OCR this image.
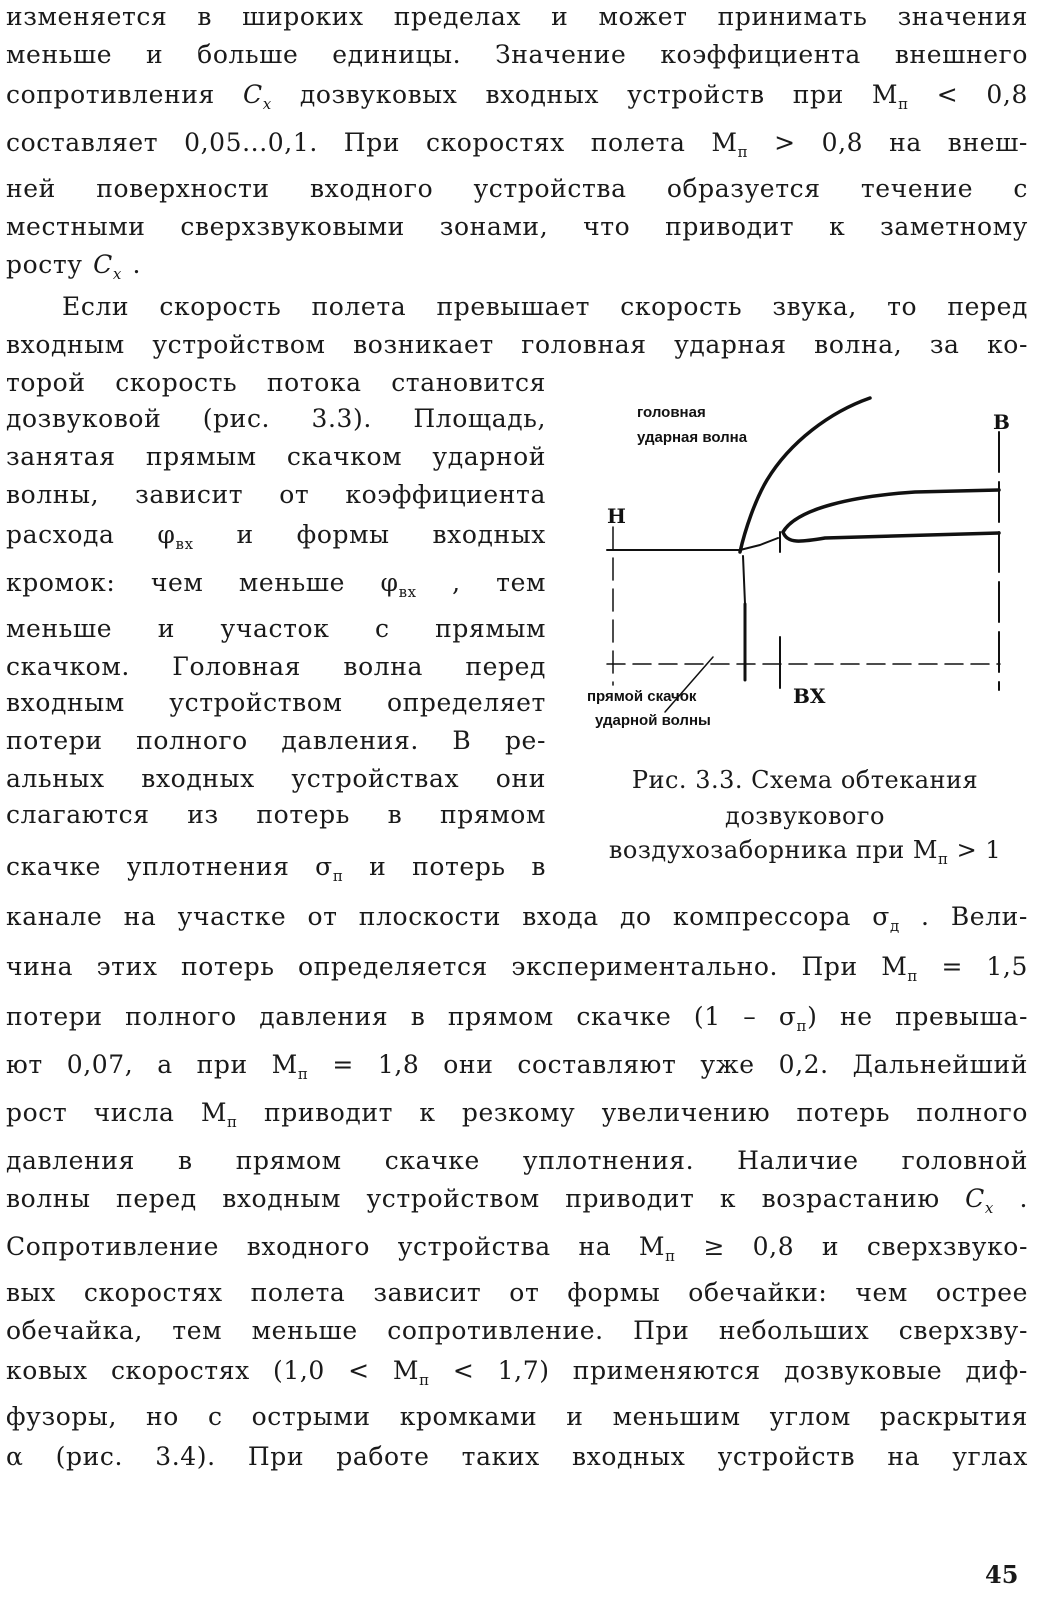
изменяется в широких пределах и может принимать значения
меньше и больше единицы. Значение коэффициента внешнего
сопротивления $C_x$ дозвуковых входных устройств при $М_п < 0,8$
составляет 0,05...0,1. При скоростях полета $М_п > 0,8$ на внеш-
ней поверхности входного устройства образуется течение с
местными сверхзвуковыми зонами, что приводит к заметному
росту $C_x$ .
Если скорость полета превышает скорость звука, то перед
входным устройством возникает головная ударная волна, за ко-
торой скорость потока становится
дозвуковой (рис. 3.3). Площадь,
занятая прямым скачком ударной
волны, зависит от коэффициента
расхода $\varphi_{вх}$ и формы входных
кромок: чем меньше $\varphi_{вх}$ , тем
меньше и участок с прямым
скачком. Головная волна перед
входным устройством определяет
потери полного давления. В ре-
альных входных устройствах они
слагаются из потерь в прямом
скачке уплотнения $\sigma_п$ и потерь в
канале на участке от плоскости входа до компрессора $\sigma_д$ . Вели-
чина этих потерь определяется экспериментально. При $М_п = 1,5$
потери полного давления в прямом скачке $(1 - \sigma_п)$ не превыша-
ют 0,07, а при $М_п = 1,8$ они составляют уже 0,2. Дальнейший
рост числа $М_п$ приводит к резкому увеличению потерь полного
давления в прямом скачке уплотнения. Наличие головной
волны перед входным устройством приводит к возрастанию $C_x$ .
Сопротивление входного устройства на $М_п \ge 0,8$ и сверхзвуко-
вых скоростях полета зависит от формы обечайки: чем острее
обечайка, тем меньше сопротивление. При небольших сверхзву-
ковых скоростях $(1,0 < М_п < 1,7)$ применяются дозвуковые диф-
фузоры, но с острыми кромками и меньшим углом раскрытия
α (рис. 3.4). При работе таких входных устройств на углах
головная
ударная волна
прямой скачок
ударной волны
Н
В
ВХ
Рис. 3.3. Схема обтекания
дозвукового
воздухозаборника при $М_п > 1$
45
